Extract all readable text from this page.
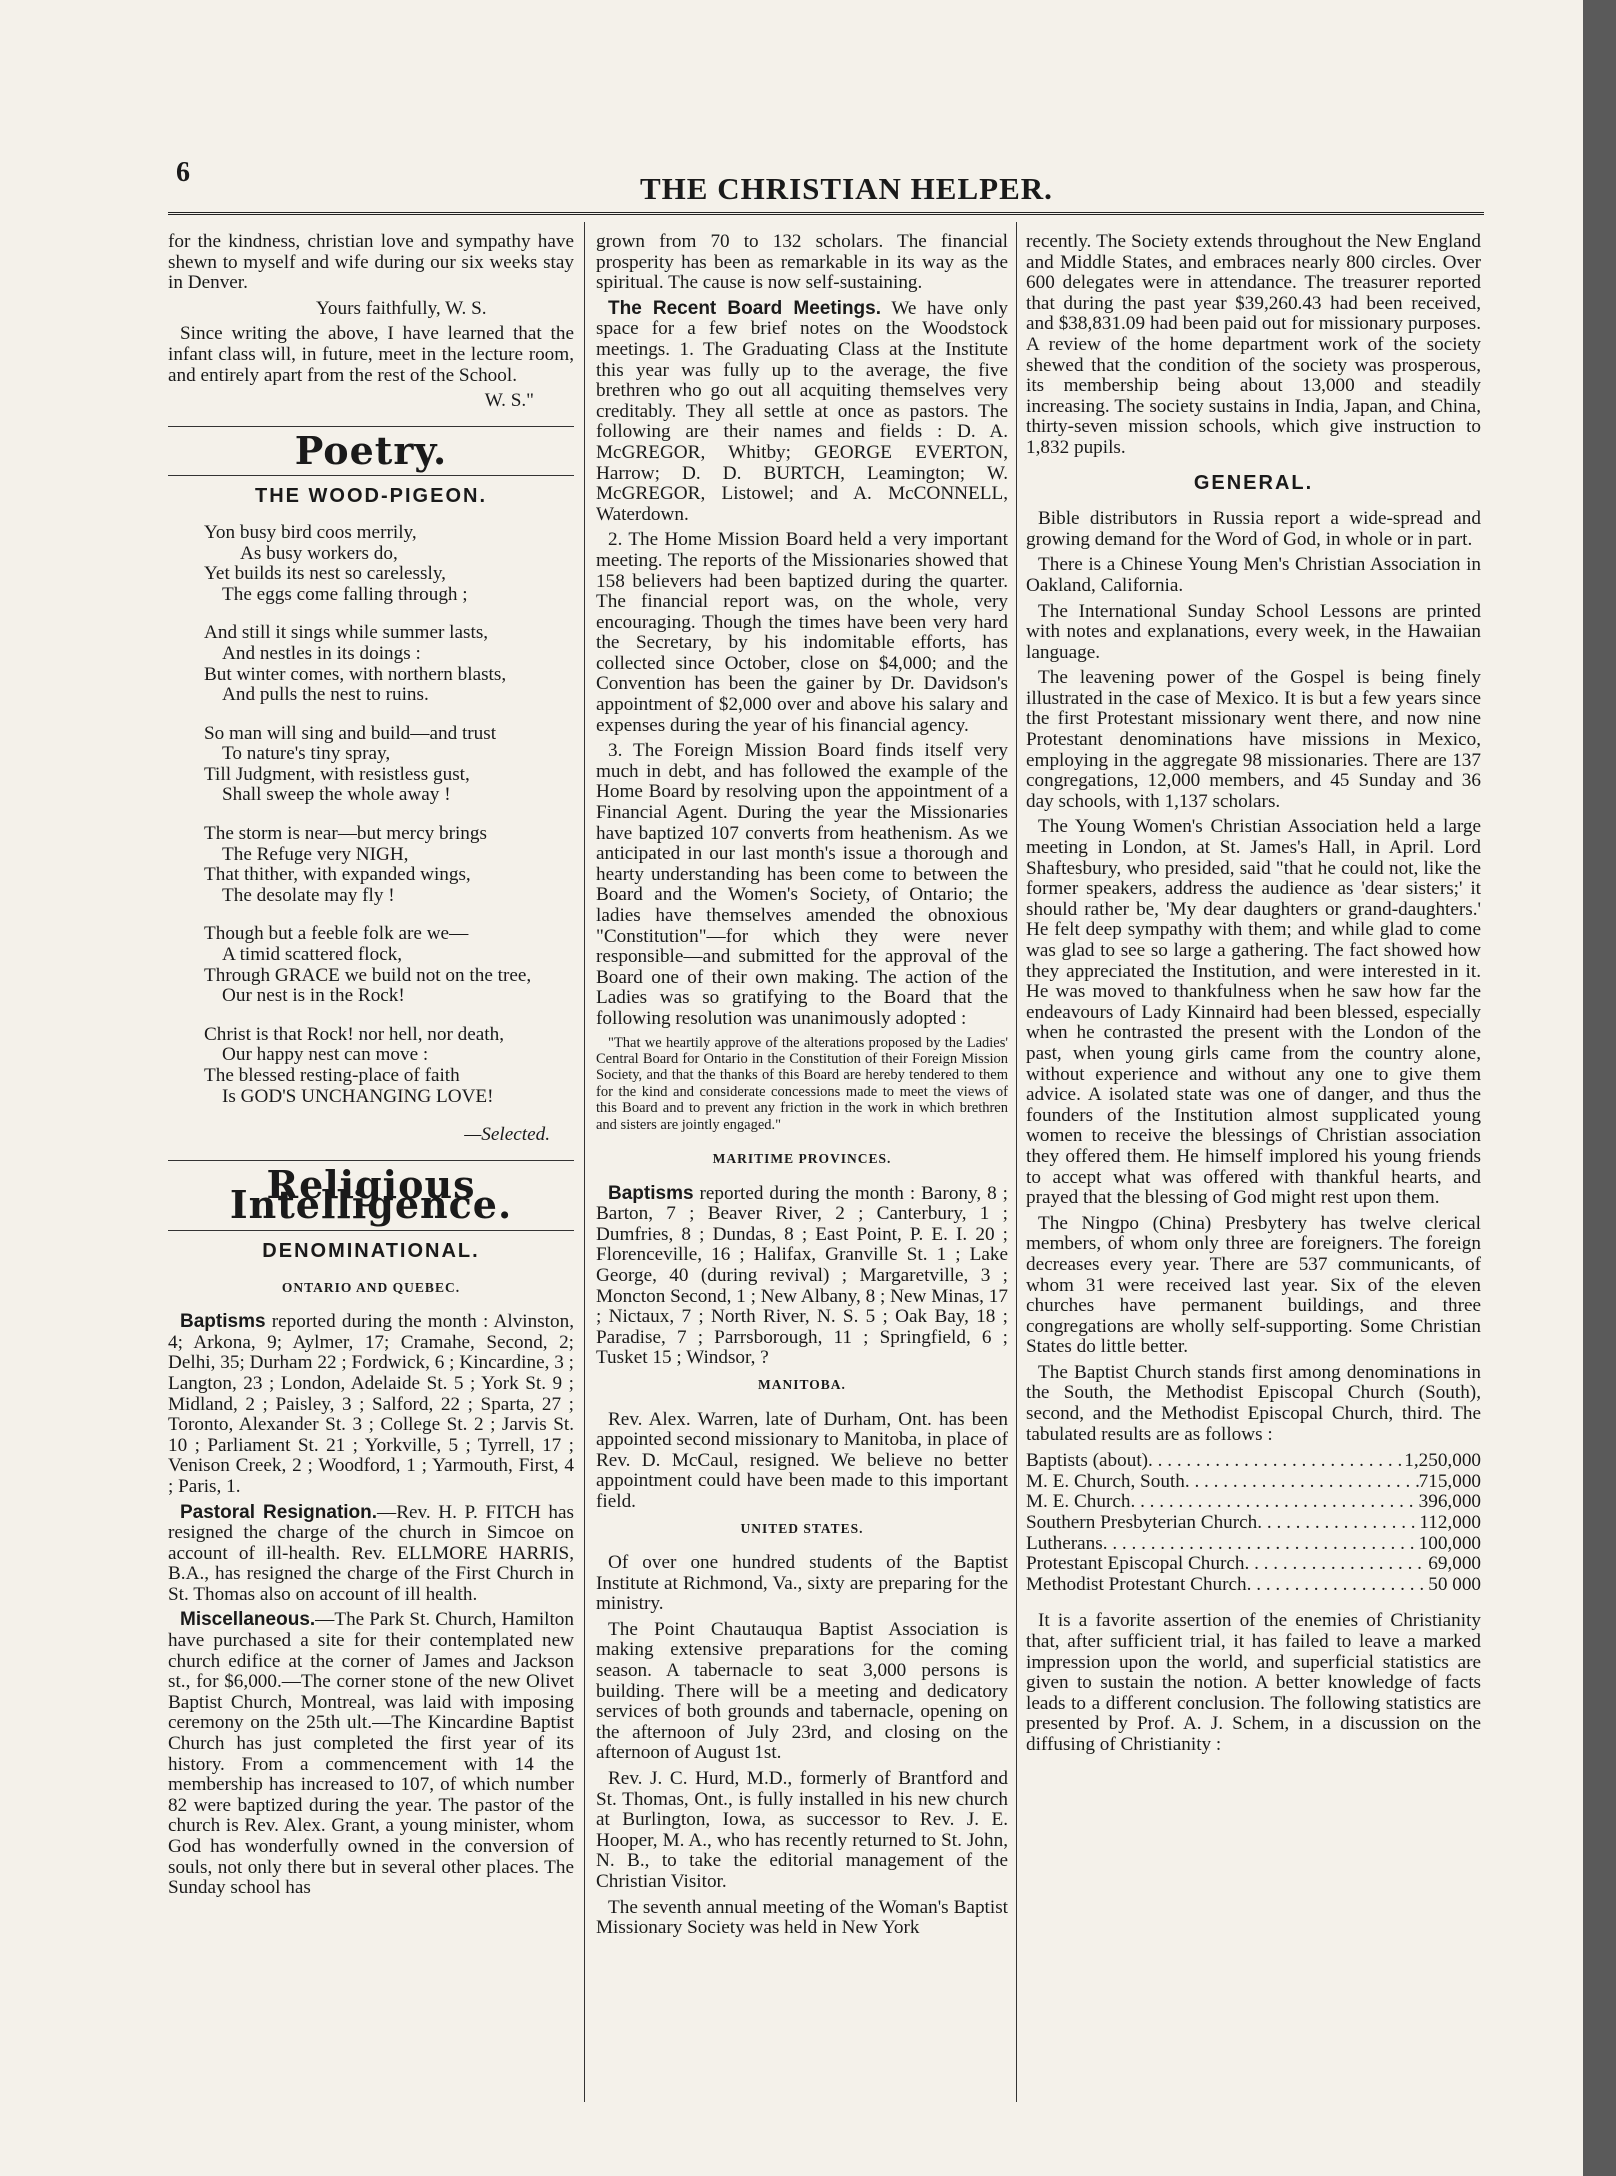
6	THE CHRISTIAN HELPER.

for the kindness, christian love and sympathy have shewn to myself and wife during our six weeks stay in Denver.

Yours faithfully, W. S.

Since writing the above, I have learned that the infant class will, in future, meet in the lecture room, and entirely apart from the rest of the School.

W. S."

Poetry.
THE WOOD-PIGEON.
Yon busy bird coos merrily,
As busy workers do,
Yet builds its nest so carelessly,
The eggs come falling through ;
And still it sings while summer lasts,
And nestles in its doings :
But winter comes, with northern blasts,
And pulls the nest to ruins.
So man will sing and build—and trust
To nature's tiny spray,
Till Judgment, with resistless gust,
Shall sweep the whole away !
The storm is near—but mercy brings
The Refuge very NIGH,
That thither, with expanded wings,
The desolate may fly !
Though but a feeble folk are we—
A timid scattered flock,
Through GRACE we build not on the tree,
Our nest is in the Rock!
Christ is that Rock! nor hell, nor death,
Our happy nest can move :
The blessed resting-place of faith
Is GOD'S UNCHANGING LOVE!
—Selected.
Religious Intelligence.
DENOMINATIONAL.
ONTARIO AND QUEBEC.

Baptisms reported during the month : Alvinston, 4; Arkona, 9; Aylmer, 17; Cramahe, Second, 2; Delhi, 35; Durham 22 ; Fordwick, 6 ; Kincardine, 3 ; Langton, 23 ; London, Adelaide St. 5 ; York St. 9 ; Midland, 2 ; Paisley, 3 ; Salford, 22 ; Sparta, 27 ; Toronto, Alexander St. 3 ; College St. 2 ; Jarvis St. 10 ; Parliament St. 21 ; Yorkville, 5 ; Tyrrell, 17 ; Venison Creek, 2 ; Woodford, 1 ; Yarmouth, First, 4 ; Paris, 1.

Pastoral Resignation.—Rev. H. P. FITCH has resigned the charge of the church in Simcoe on account of ill-health. Rev. ELLMORE HARRIS, B.A., has resigned the charge of the First Church in St. Thomas also on account of ill health.

Miscellaneous.—The Park St. Church, Hamilton have purchased a site for their contemplated new church edifice at the corner of James and Jackson st., for $6,000.—The corner stone of the new Olivet Baptist Church, Montreal, was laid with imposing ceremony on the 25th ult.—The Kincardine Baptist Church has just completed the first year of its history. From a commencement with 14 the membership has increased to 107, of which number 82 were baptized during the year. The pastor of the church is Rev. Alex. Grant, a young minister, whom God has wonderfully owned in the conversion of souls, not only there but in several other places. The Sunday school has

grown from 70 to 132 scholars. The financial prosperity has been as remarkable in its way as the spiritual. The cause is now self-sustaining.

The Recent Board Meetings. We have only space for a few brief notes on the Woodstock meetings. 1. The Graduating Class at the Institute this year was fully up to the average, the five brethren who go out all acquiting themselves very creditably. They all settle at once as pastors. The following are their names and fields : D. A. McGREGOR, Whitby; GEORGE EVERTON, Harrow; D. D. BURTCH, Leamington; W. McGREGOR, Listowel; and A. McCONNELL, Waterdown.

2. The Home Mission Board held a very important meeting. The reports of the Missionaries showed that 158 believers had been baptized during the quarter. The financial report was, on the whole, very encouraging. Though the times have been very hard the Secretary, by his indomitable efforts, has collected since October, close on $4,000; and the Convention has been the gainer by Dr. Davidson's appointment of $2,000 over and above his salary and expenses during the year of his financial agency.

3. The Foreign Mission Board finds itself very much in debt, and has followed the example of the Home Board by resolving upon the appointment of a Financial Agent. During the year the Missionaries have baptized 107 converts from heathenism. As we anticipated in our last month's issue a thorough and hearty understanding has been come to between the Board and the Women's Society, of Ontario; the ladies have themselves amended the obnoxious "Constitution"—for which they were never responsible—and submitted for the approval of the Board one of their own making. The action of the Ladies was so gratifying to the Board that the following resolution was unanimously adopted :

"That we heartily approve of the alterations proposed by the Ladies' Central Board for Ontario in the Constitution of their Foreign Mission Society, and that the thanks of this Board are hereby tendered to them for the kind and considerate concessions made to meet the views of this Board and to prevent any friction in the work in which brethren and sisters are jointly engaged."

MARITIME PROVINCES.

Baptisms reported during the month : Barony, 8 ; Barton, 7 ; Beaver River, 2 ; Canterbury, 1 ; Dumfries, 8 ; Dundas, 8 ; East Point, P. E. I. 20 ; Florenceville, 16 ; Halifax, Granville St. 1 ; Lake George, 40 (during revival) ; Margaretville, 3 ; Moncton Second, 1 ; New Albany, 8 ; New Minas, 17 ; Nictaux, 7 ; North River, N. S. 5 ; Oak Bay, 18 ; Paradise, 7 ; Parrsborough, 11 ; Springfield, 6 ; Tusket 15 ; Windsor, ?

MANITOBA.

Rev. Alex. Warren, late of Durham, Ont. has been appointed second missionary to Manitoba, in place of Rev. D. McCaul, resigned. We believe no better appointment could have been made to this important field.

UNITED STATES.

Of over one hundred students of the Baptist Institute at Richmond, Va., sixty are preparing for the ministry.

The Point Chautauqua Baptist Association is making extensive preparations for the coming season. A tabernacle to seat 3,000 persons is building. There will be a meeting and dedicatory services of both grounds and tabernacle, opening on the afternoon of July 23rd, and closing on the afternoon of August 1st.

Rev. J. C. Hurd, M.D., formerly of Brantford and St. Thomas, Ont., is fully installed in his new church at Burlington, Iowa, as successor to Rev. J. E. Hooper, M. A., who has recently returned to St. John, N. B., to take the editorial management of the Christian Visitor.

The seventh annual meeting of the Woman's Baptist Missionary Society was held in New York

recently. The Society extends throughout the New England and Middle States, and embraces nearly 800 circles. Over 600 delegates were in attendance. The treasurer reported that during the past year $39,260.43 had been received, and $38,831.09 had been paid out for missionary purposes. A review of the home department work of the society shewed that the condition of the society was prosperous, its membership being about 13,000 and steadily increasing. The society sustains in India, Japan, and China, thirty-seven mission schools, which give instruction to 1,832 pupils.

GENERAL.

Bible distributors in Russia report a wide-spread and growing demand for the Word of God, in whole or in part.

There is a Chinese Young Men's Christian Association in Oakland, California.

The International Sunday School Lessons are printed with notes and explanations, every week, in the Hawaiian language.

The leavening power of the Gospel is being finely illustrated in the case of Mexico. It is but a few years since the first Protestant missionary went there, and now nine Protestant denominations have missions in Mexico, employing in the aggregate 98 missionaries. There are 137 congregations, 12,000 members, and 45 Sunday and 36 day schools, with 1,137 scholars.

The Young Women's Christian Association held a large meeting in London, at St. James's Hall, in April. Lord Shaftesbury, who presided, said "that he could not, like the former speakers, address the audience as 'dear sisters;' it should rather be, 'My dear daughters or grand-daughters.' He felt deep sympathy with them; and while glad to come was glad to see so large a gathering. The fact showed how they appreciated the Institution, and were interested in it. He was moved to thankfulness when he saw how far the endeavours of Lady Kinnaird had been blessed, especially when he contrasted the present with the London of the past, when young girls came from the country alone, without experience and without any one to give them advice. A isolated state was one of danger, and thus the founders of the Institution almost supplicated young women to receive the blessings of Christian association they offered them. He himself implored his young friends to accept what was offered with thankful hearts, and prayed that the blessing of God might rest upon them.

The Ningpo (China) Presbytery has twelve clerical members, of whom only three are foreigners. The foreign decreases every year. There are 537 communicants, of whom 31 were received last year. Six of the eleven churches have permanent buildings, and three congregations are wholly self-supporting. Some Christian States do little better.

The Baptist Church stands first among denominations in the South, the Methodist Episcopal Church (South), second, and the Methodist Episcopal Church, third. The tabulated results are as follows :

Baptists (about) . . .	1,250,000
M. E. Church, South . . .	715,000
M. E. Church . . .	396,000
Southern Presbyterian Church . . .	112,000
Lutherans . . .	100,000
Protestant Episcopal Church . . .	69,000
Methodist Protestant Church . . .	50 000

It is a favorite assertion of the enemies of Christianity that, after sufficient trial, it has failed to leave a marked impression upon the world, and superficial statistics are given to sustain the notion. A better knowledge of facts leads to a different conclusion. The following statistics are presented by Prof. A. J. Schem, in a discussion on the diffusing of Christianity :
